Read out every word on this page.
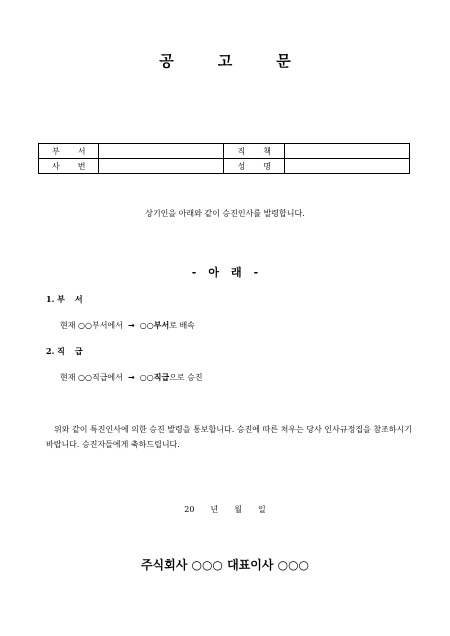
공	고	문
부 서		직 책	
사 번		성 명	
상기인을 아래와 같이 승진인사를 발령합니다.
- 아 래 -
1. 부 서
현재 ○○부서에서 → ○○부서로 배속
2. 직 급
현재 ○○직급에서 → ○○직급으로 승진
위와 같이 특진인사에 의한 승진 발령을 통보합니다. 승진에 따른 처우는 당사 인사규정집을 참조하시기 바랍니다. 승진자들에게 축하드립니다.
20 년 월 일
주식회사 ○○○ 대표이사 ○○○
